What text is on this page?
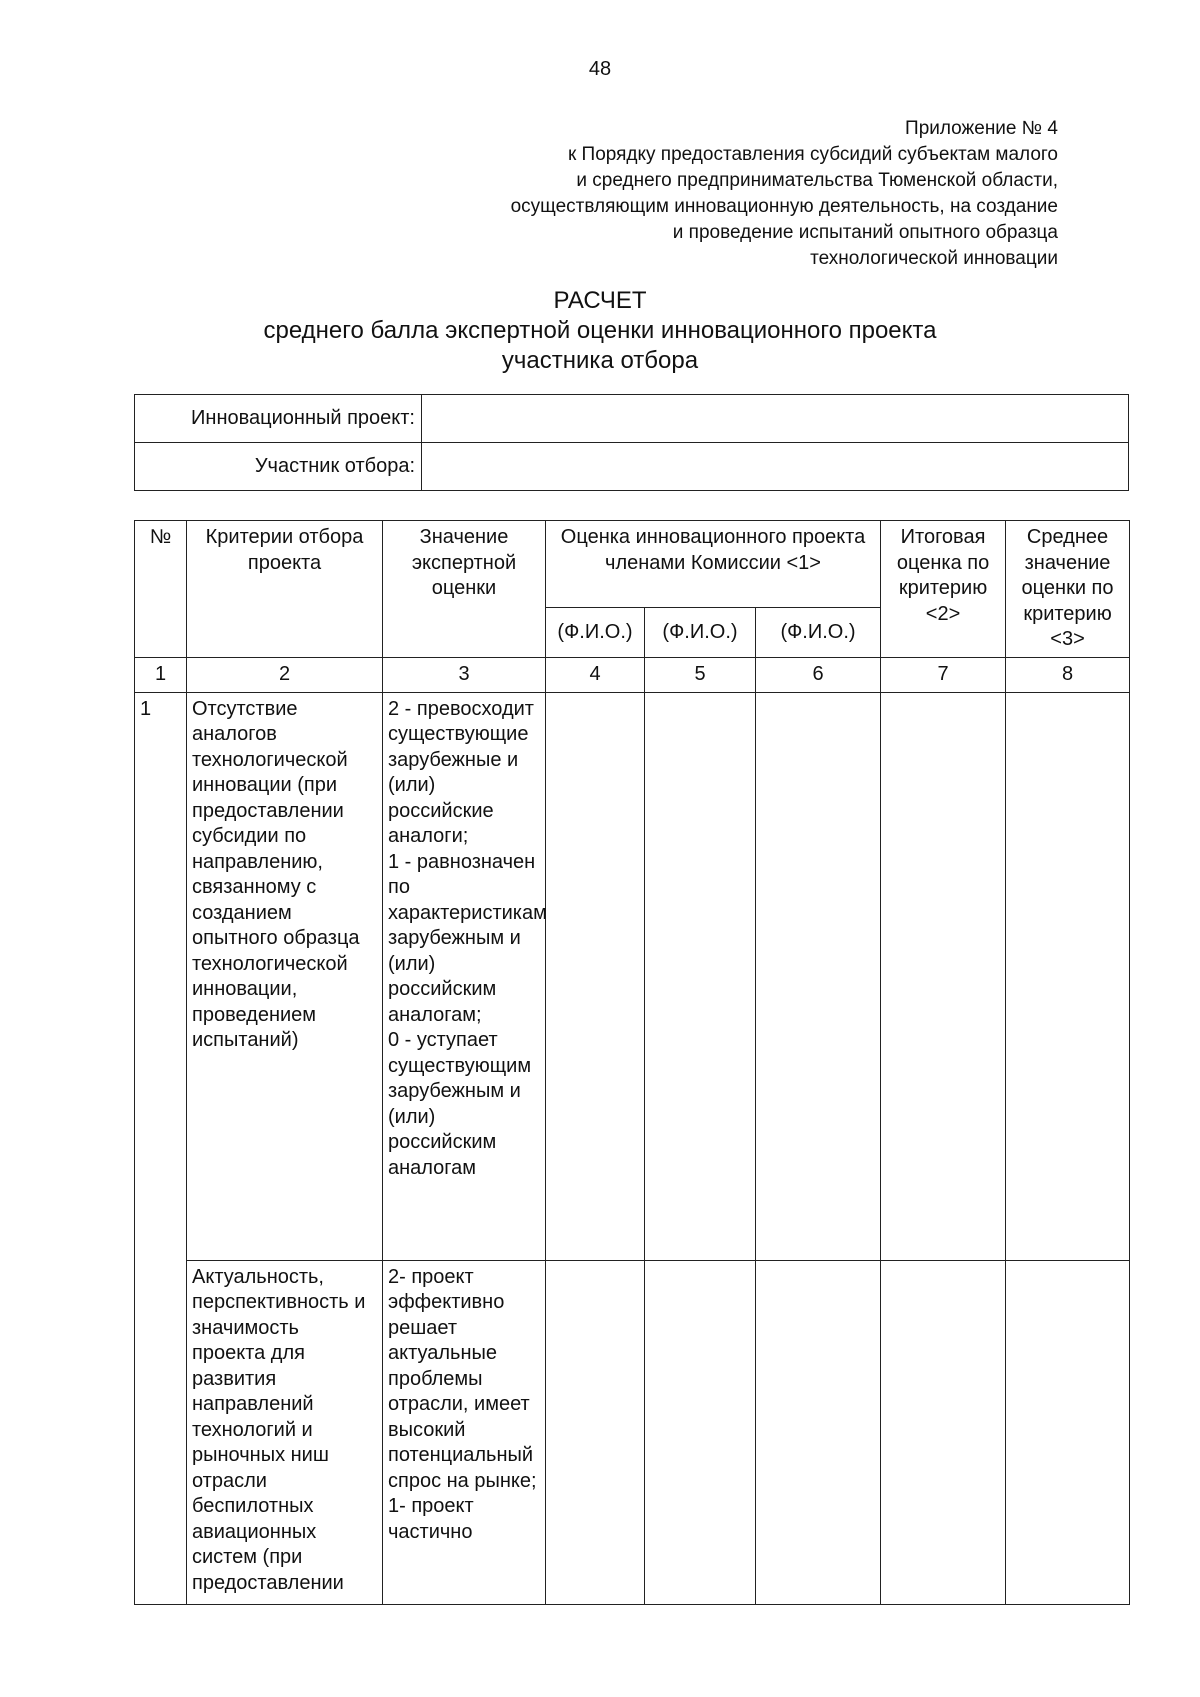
48
Приложение № 4
к Порядку предоставления субсидий субъектам малого
и среднего предпринимательства Тюменской области,
осуществляющим инновационную деятельность, на создание
и проведение испытаний опытного образца
технологической инновации
РАСЧЕТ
среднего балла экспертной оценки инновационного проекта
участника отбора
Инновационный проект:	
Участник отбора:	
№	Критерии отбора проекта	Значение экспертной оценки	Оценка инновационного проекта членами Комиссии <1>			Итоговая оценка по критерию <2>	Среднее значение оценки по критерию <3>
			(Ф.И.О.)	(Ф.И.О.)	(Ф.И.О.)		
1	2	3	4	5	6	7	8
1	Отсутствие аналогов технологической инновации (при предоставлении субсидии по направлению, связанному с созданием опытного образца технологической инновации, проведением испытаний)	2 - превосходит существующие зарубежные и (или) российские аналоги;
1 - равнозначен по характеристикам зарубежным и (или) российским аналогам;
0 - уступает существующим зарубежным и (или) российским аналогам					

	Актуальность, перспективность и значимость проекта для развития направлений технологий и рыночных ниш отрасли беспилотных авиационных систем (при предоставлении	2- проект эффективно решает актуальные проблемы отрасли, имеет высокий потенциальный спрос на рынке;
1- проект частично					
